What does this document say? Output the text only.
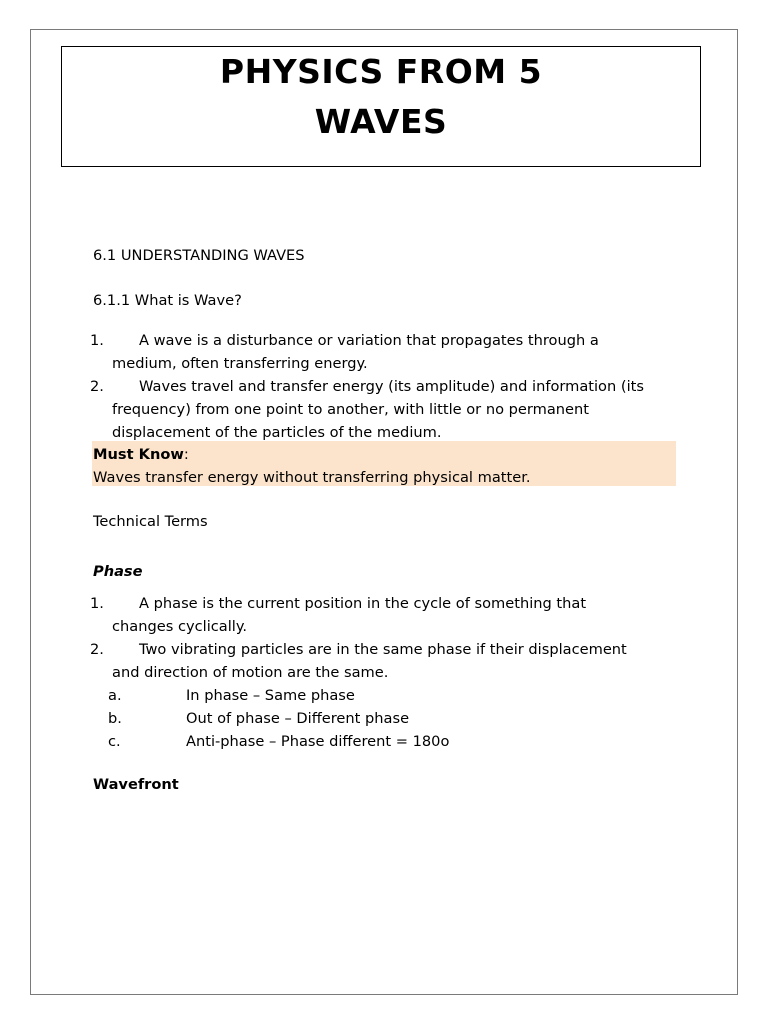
PHYSICS FROM 5
WAVES
6.1 UNDERSTANDING WAVES
6.1.1 What is Wave?
1. A wave is a disturbance or variation that propagates through a
medium, often transferring energy.
2. Waves travel and transfer energy (its amplitude) and information (its
frequency) from one point to another, with little or no permanent
displacement of the particles of the medium.
Must Know:
Waves transfer energy without transferring physical matter.
Technical Terms
Phase
1. A phase is the current position in the cycle of something that
changes cyclically.
2. Two vibrating particles are in the same phase if their displacement
and direction of motion are the same.
a.	In phase – Same phase
b.	Out of phase – Different phase
c.	Anti-phase – Phase different = 180o
Wavefront
